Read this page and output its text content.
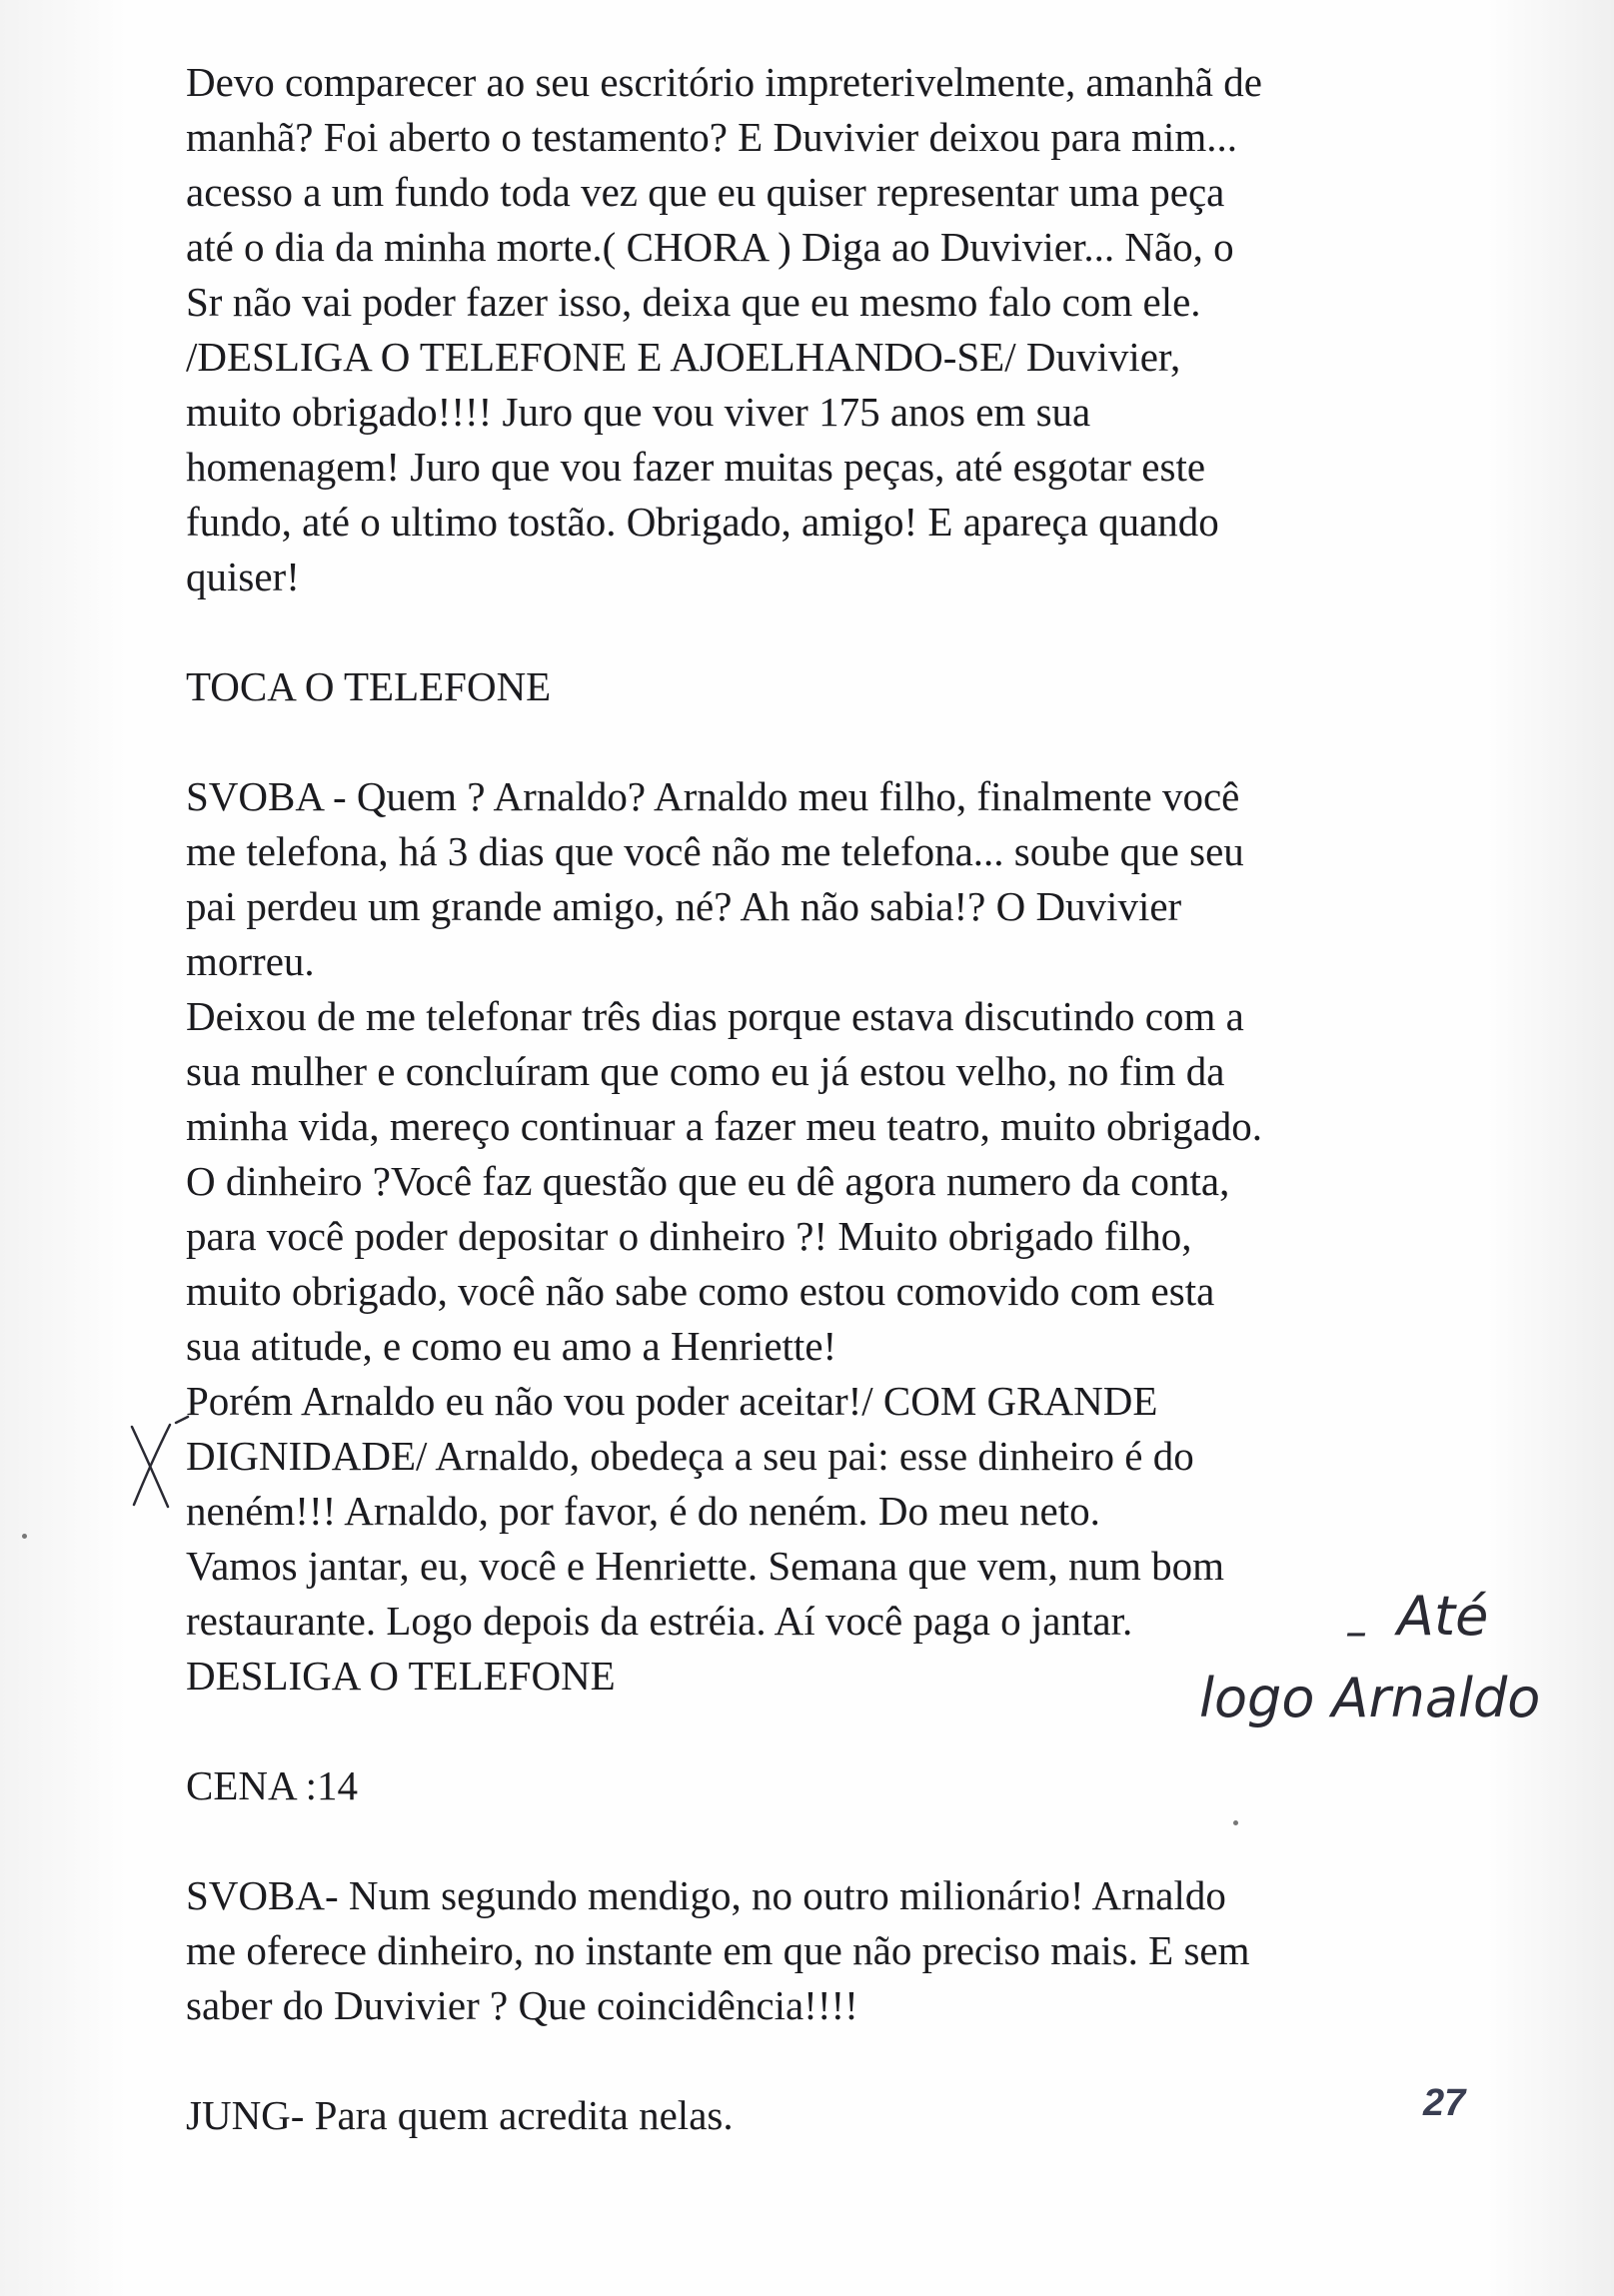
Devo comparecer ao seu escritório impreterivelmente, amanhã de
manhã? Foi aberto o testamento? E Duvivier deixou para mim...
acesso a um fundo toda vez que eu quiser representar uma peça
até o dia da minha morte.( CHORA ) Diga ao Duvivier... Não, o
Sr não vai poder fazer isso, deixa que eu mesmo falo com ele.
/DESLIGA O TELEFONE E AJOELHANDO-SE/ Duvivier,
muito obrigado!!!! Juro que vou viver 175 anos em sua
homenagem! Juro que vou fazer muitas peças, até esgotar este
fundo, até o ultimo tostão. Obrigado, amigo! E apareça quando
quiser!

TOCA O TELEFONE

SVOBA - Quem ? Arnaldo? Arnaldo meu filho, finalmente você
me telefona, há 3 dias que você não me telefona... soube que seu
pai perdeu um grande amigo, né? Ah não sabia!? O Duvivier
morreu.
Deixou de me telefonar três dias porque estava discutindo com a
sua mulher e concluíram que como eu já estou velho, no fim da
minha vida, mereço continuar a fazer meu teatro, muito obrigado.
O dinheiro ?Você faz questão que eu dê agora numero da conta,
para você poder depositar o dinheiro ?! Muito obrigado filho,
muito obrigado, você não sabe como estou comovido com esta
sua atitude, e como eu amo a Henriette!
Porém Arnaldo eu não vou poder aceitar!/ COM GRANDE
DIGNIDADE/ Arnaldo, obedeça a seu pai: esse dinheiro é do
neném!!! Arnaldo, por favor, é do neném. Do meu neto.
Vamos jantar, eu, você e Henriette. Semana que vem, num bom
restaurante. Logo depois da estréia. Aí você paga o jantar.
DESLIGA O TELEFONE

CENA :14

SVOBA- Num segundo mendigo, no outro milionário! Arnaldo
me oferece dinheiro, no instante em que não preciso mais. E sem
saber do Duvivier ? Que coincidência!!!!

JUNG- Para quem acredita nelas.

– Até
logo Arnaldo
27
